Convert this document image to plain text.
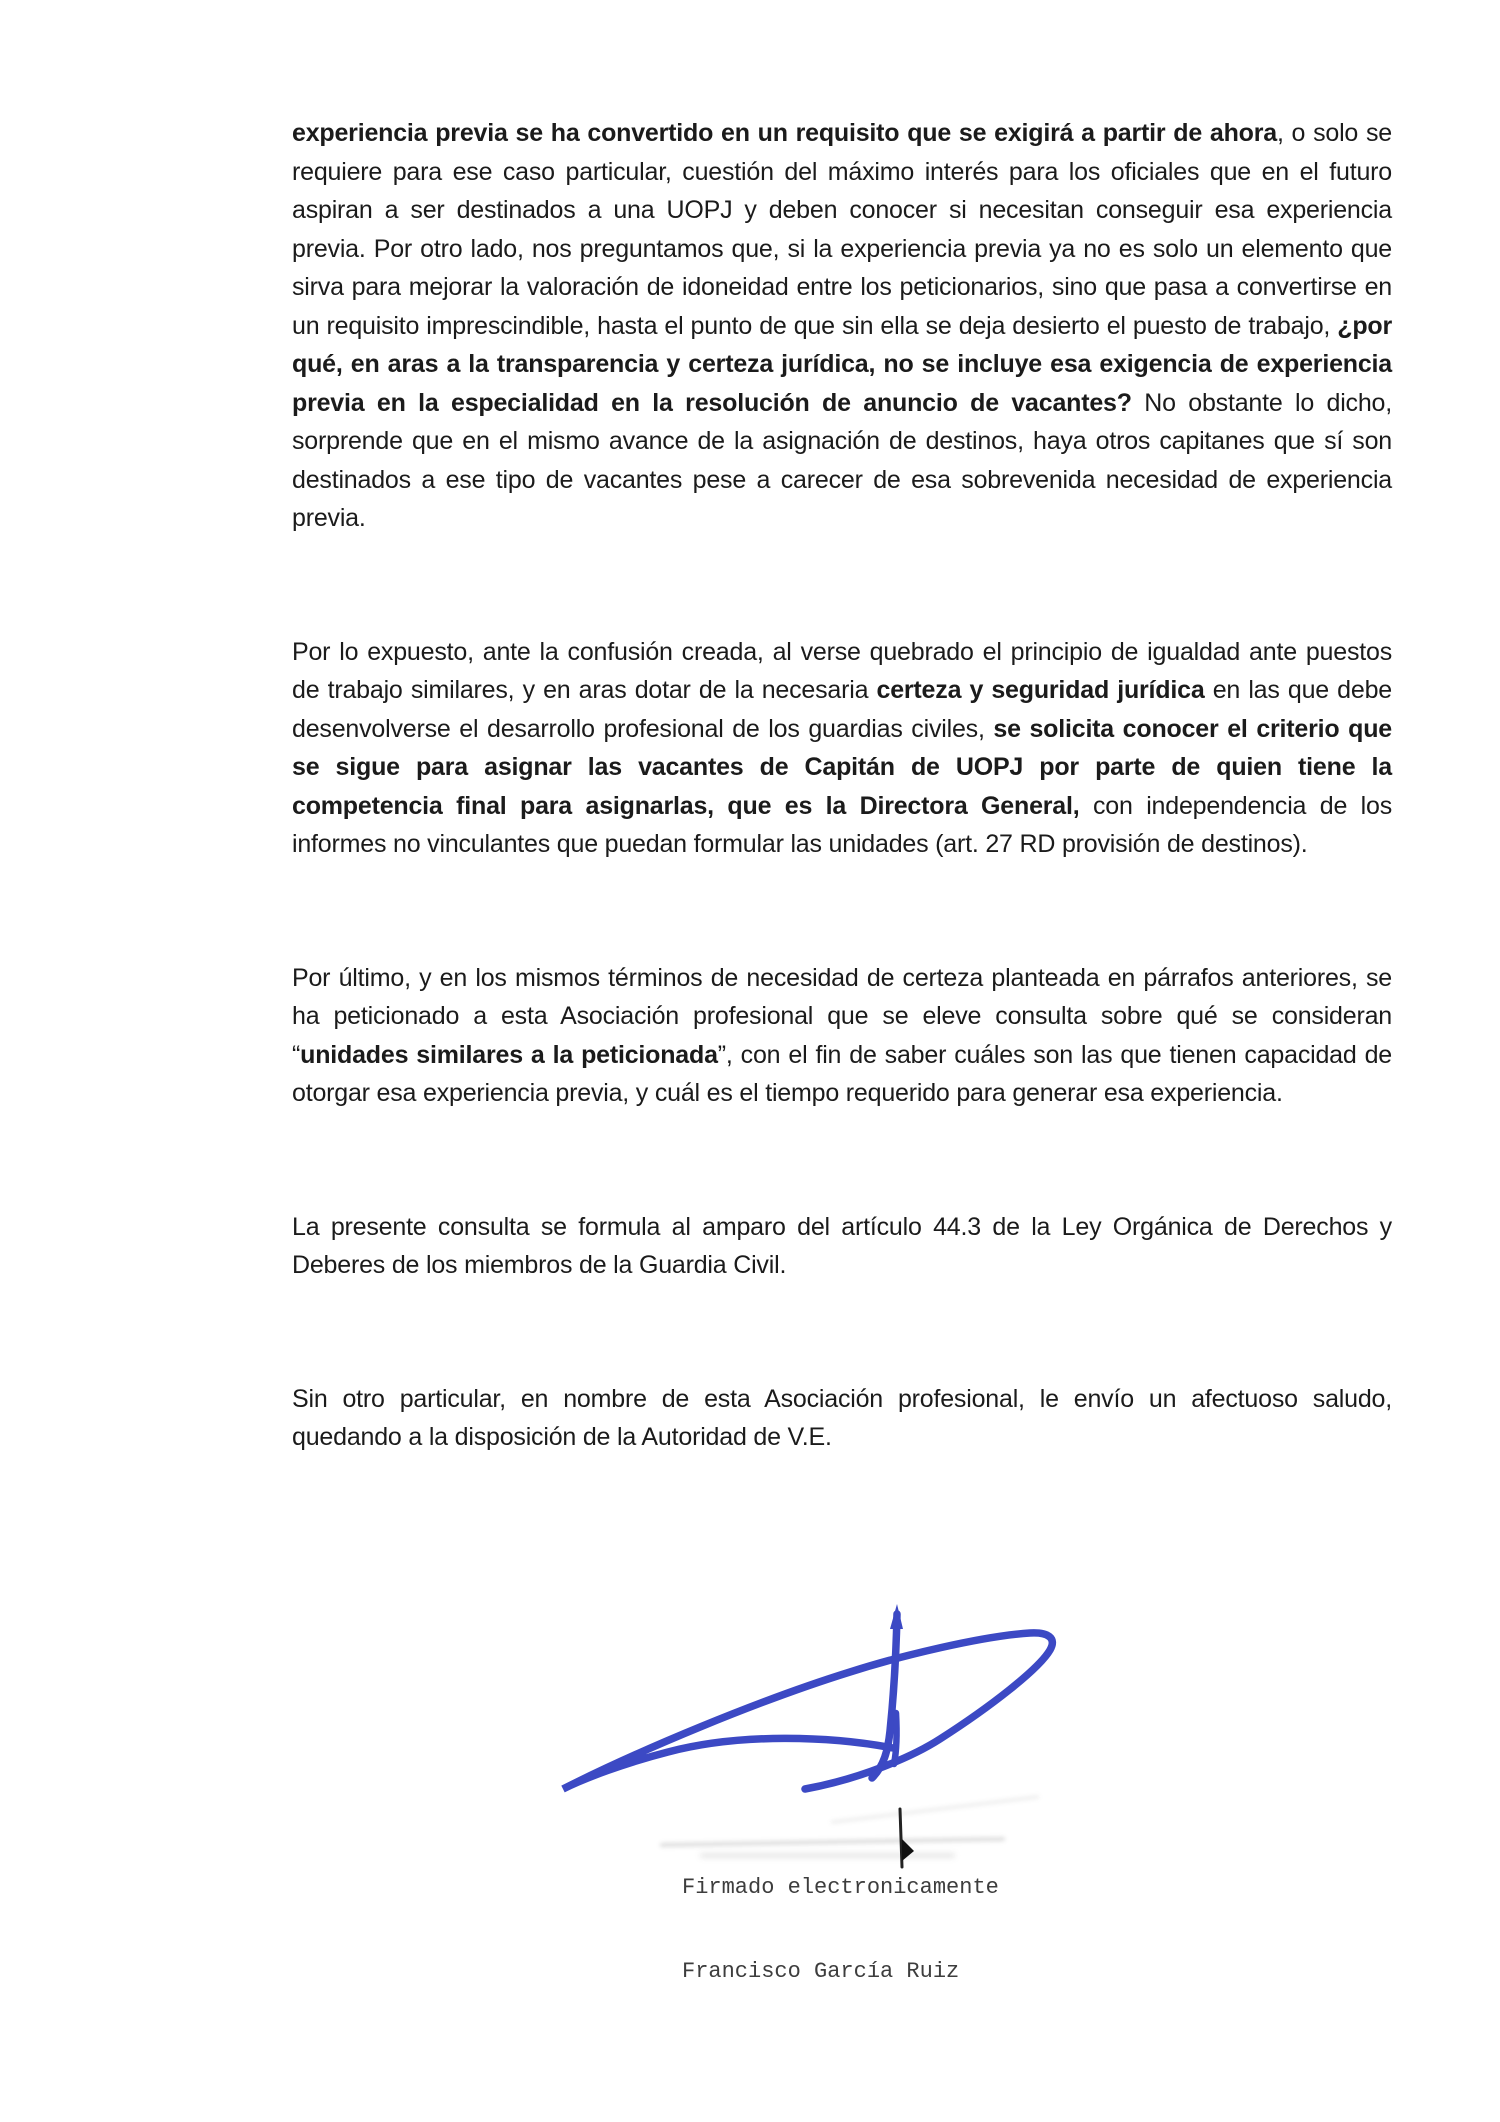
experiencia previa se ha convertido en un requisito que se exigirá a partir de ahora, o solo se requiere para ese caso particular, cuestión del máximo interés para los oficiales que en el futuro aspiran a ser destinados a una UOPJ y deben conocer si necesitan conseguir esa experiencia previa. Por otro lado, nos preguntamos que, si la experiencia previa ya no es solo un elemento que sirva para mejorar la valoración de idoneidad entre los peticionarios, sino que pasa a convertirse en un requisito imprescindible, hasta el punto de que sin ella se deja desierto el puesto de trabajo, ¿por qué, en aras a la transparencia y certeza jurídica, no se incluye esa exigencia de experiencia previa en la especialidad en la resolución de anuncio de vacantes? No obstante lo dicho, sorprende que en el mismo avance de la asignación de destinos, haya otros capitanes que sí son destinados a ese tipo de vacantes pese a carecer de esa sobrevenida necesidad de experiencia previa.

Por lo expuesto, ante la confusión creada, al verse quebrado el principio de igualdad ante puestos de trabajo similares, y en aras dotar de la necesaria certeza y seguridad jurídica en las que debe desenvolverse el desarrollo profesional de los guardias civiles, se solicita conocer el criterio que se sigue para asignar las vacantes de Capitán de UOPJ por parte de quien tiene la competencia final para asignarlas, que es la Directora General, con independencia de los informes no vinculantes que puedan formular las unidades (art. 27 RD provisión de destinos).

Por último, y en los mismos términos de necesidad de certeza planteada en párrafos anteriores, se ha peticionado a esta Asociación profesional que se eleve consulta sobre qué se consideran “unidades similares a la peticionada”, con el fin de saber cuáles son las que tienen capacidad de otorgar esa experiencia previa, y cuál es el tiempo requerido para generar esa experiencia.

La presente consulta se formula al amparo del artículo 44.3 de la Ley Orgánica de Derechos y Deberes de los miembros de la Guardia Civil.

Sin otro particular, en nombre de esta Asociación profesional, le envío un afectuoso saludo, quedando a la disposición de la Autoridad de V.E.

Firmado electronicamente

Francisco García Ruiz
